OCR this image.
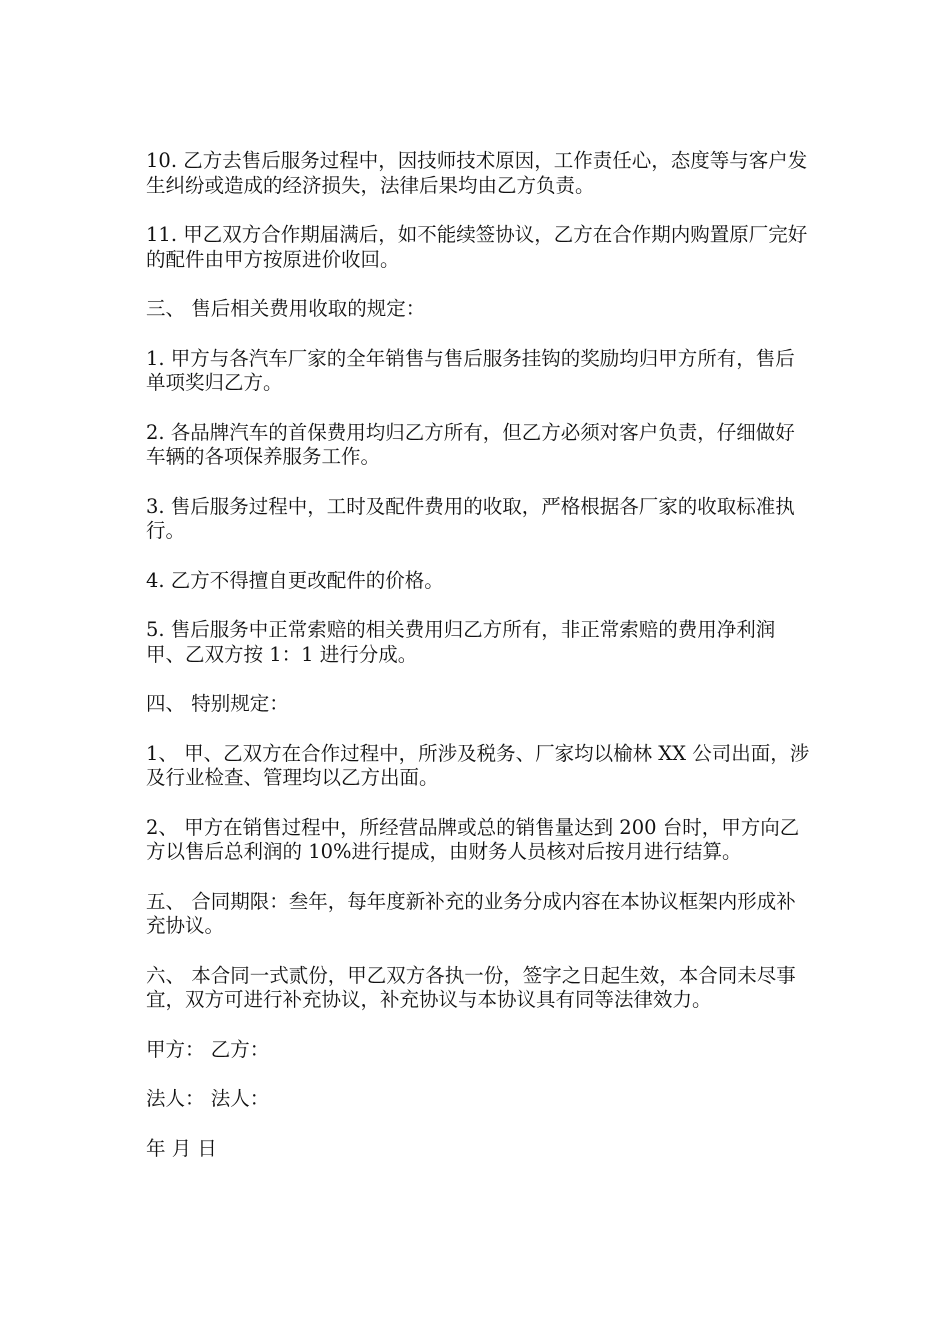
10. 乙方去售后服务过程中，因技师技术原因，工作责任心，态度等与客户发生纠纷或造成的经济损失，法律后果均由乙方负责。

11. 甲乙双方合作期届满后，如不能续签协议，乙方在合作期内购置原厂完好的配件由甲方按原进价收回。

三、 售后相关费用收取的规定：

1. 甲方与各汽车厂家的全年销售与售后服务挂钩的奖励均归甲方所有，售后单项奖归乙方。

2. 各品牌汽车的首保费用均归乙方所有，但乙方必须对客户负责，仔细做好车辆的各项保养服务工作。

3. 售后服务过程中，工时及配件费用的收取，严格根据各厂家的收取标准执行。

4. 乙方不得擅自更改配件的价格。

5. 售后服务中正常索赔的相关费用归乙方所有，非正常索赔的费用净利润甲、乙双方按 1：1 进行分成。

四、 特别规定：

1、 甲、乙双方在合作过程中，所涉及税务、厂家均以榆林 XX 公司出面，涉及行业检查、管理均以乙方出面。

2、 甲方在销售过程中，所经营品牌或总的销售量达到 200 台时，甲方向乙方以售后总利润的 10%进行提成，由财务人员核对后按月进行结算。

五、 合同期限：叁年，每年度新补充的业务分成内容在本协议框架内形成补充协议。

六、 本合同一式贰份，甲乙双方各执一份，签字之日起生效，本合同未尽事宜，双方可进行补充协议，补充协议与本协议具有同等法律效力。

甲方： 乙方：

法人： 法人：

年 月 日
